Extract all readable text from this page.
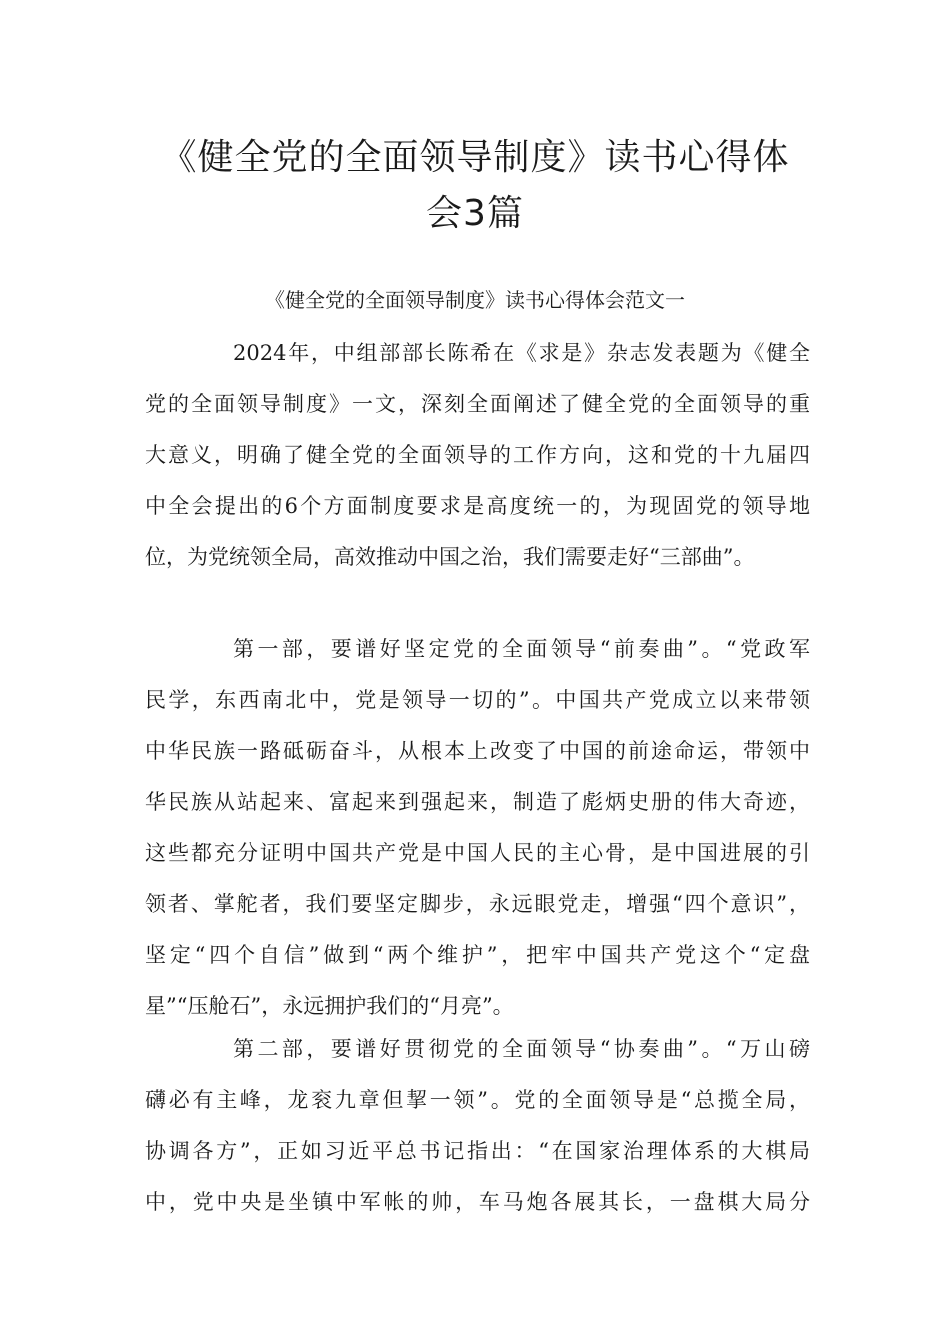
《健全党的全面领导制度》读书心得体
会3篇

《健全党的全面领导制度》读书心得体会范文一

2024年，中组部部长陈希在《求是》杂志发表题为《健全
党的全面领导制度》一文，深刻全面阐述了健全党的全面领导的重
大意义，明确了健全党的全面领导的工作方向，这和党的十九届四
中全会提出的6个方面制度要求是高度统一的，为现固党的领导地
位，为党统领全局，高效推动中国之治，我们需要走好“三部曲”。
第一部，要谱好坚定党的全面领导“前奏曲”。“党政军
民学，东西南北中，党是领导一切的”。中国共产党成立以来带领
中华民族一路砥砺奋斗，从根本上改变了中国的前途命运，带领中
华民族从站起来、富起来到强起来，制造了彪炳史册的伟大奇迹，
这些都充分证明中国共产党是中国人民的主心骨，是中国进展的引
领者、掌舵者，我们要坚定脚步，永远眼党走，增强“四个意识”，
坚定“四个自信”做到“两个维护”，把牢中国共产党这个“定盘
星”“压舱石”，永远拥护我们的“月亮”。
第二部，要谱好贯彻党的全面领导“协奏曲”。“万山磅
礴必有主峰，龙衮九章但挈一领”。党的全面领导是“总揽全局，
协调各方”，正如习近平总书记指出：“在国家治理体系的大棋局
中，党中央是坐镇中军帐的帅，车马炮各展其长，一盘棋大局分
